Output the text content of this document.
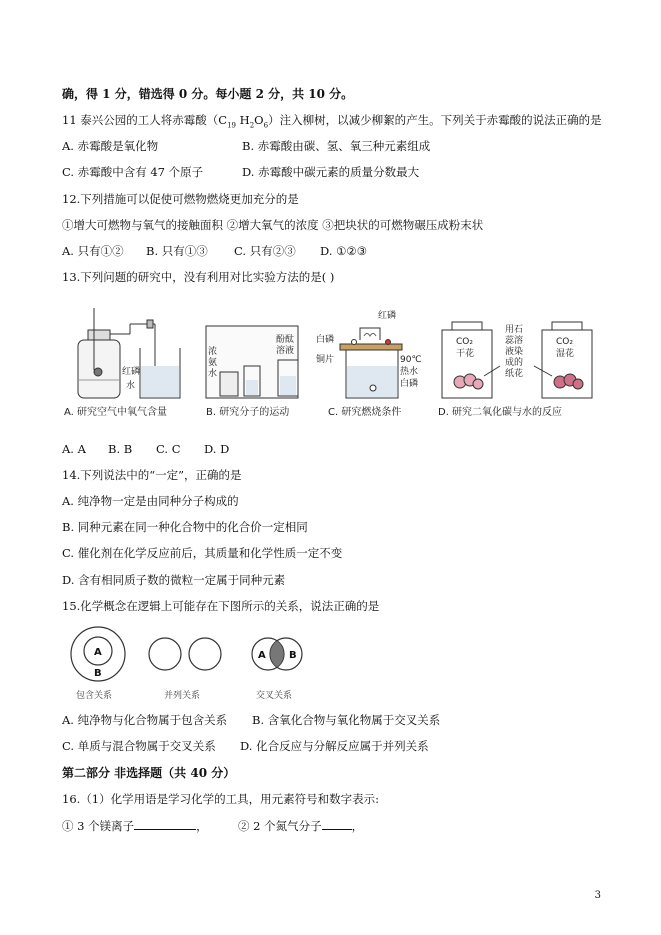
确，得 1 分，错选得 0 分。每小题 2 分，共 10 分。
11 泰兴公园的工人将赤霉酸（$C_{19}$ $H_2O_6$）注入柳树，以减少柳絮的产生。下列关于赤霉酸的说法正确的是
A. 赤霉酸是氧化物	B. 赤霉酸由碳、氢、氧三种元素组成
C. 赤霉酸中含有 47 个原子	D. 赤霉酸中碳元素的质量分数最大
12.下列措施可以促使可燃物燃烧更加充分的是
①增大可燃物与氧气的接触面积 ②增大氧气的浓度 ③把块状的可燃物碾压成粉末状
A. 只有①② B. 只有①③ C. 只有②③ D. ①②③
13.下列问题的研究中，没有利用对比实验方法的是( )
红磷
水
浓
氨
水
酚酞
溶液
红磷
白磷
铜片	90℃
热水
白磷
CO₂
干花
用石
蕊溶
液染
成的
纸花
CO₂
湿花
A. 研究空气中氧气含量	B. 研究分子的运动	C. 研究燃烧条件	D. 研究二氧化碳与水的反应
A. A B. B C. C D. D
14.下列说法中的“一定”，正确的是
A. 纯净物一定是由同种分子构成的
B. 同种元素在同一种化合物中的化合价一定相同
C. 催化剂在化学反应前后，其质量和化学性质一定不变
D. 含有相同质子数的微粒一定属于同种元素
15.化学概念在逻辑上可能存在下图所示的关系，说法正确的是
A
B
A B
包含关系	并列关系	交叉关系
A. 纯净物与化合物属于包含关系 B. 含氧化合物与氧化物属于交叉关系
C. 单质与混合物属于交叉关系 D. 化合反应与分解反应属于并列关系
第二部分 非选择题（共 40 分）
16.（1）化学用语是学习化学的工具，用元素符号和数字表示:
① 3 个镁离子	，	② 2 个氮气分子	，
3
